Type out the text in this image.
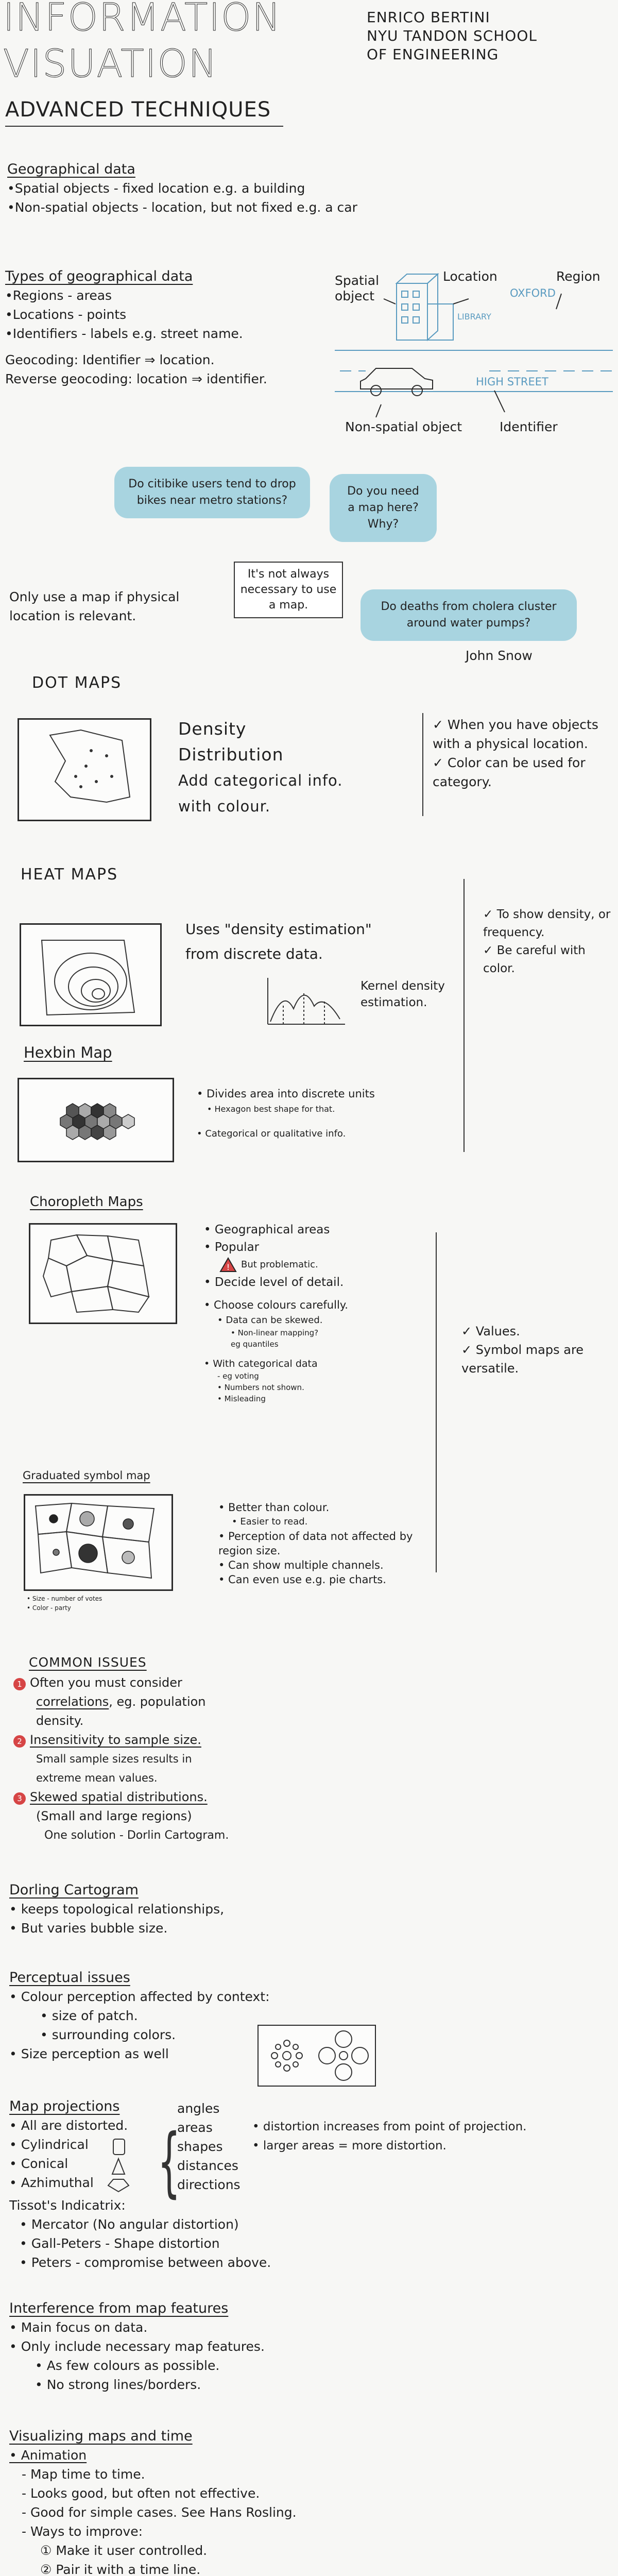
INFORMATION
VISUATION
ADVANCED TECHNIQUES
ENRICO BERTINI
NYU TANDON SCHOOL
OF ENGINEERING
Geographical data
•Spatial objects - fixed location e.g. a building
•Non-spatial objects - location, but not fixed e.g. a car
Types of geographical data
•Regions - areas
•Locations - points
•Identifiers - labels e.g. street name.
Geocoding: Identifier ⇒ location.
Reverse geocoding: location ⇒ identifier.
Spatial object
Location	Region
OXFORD
LIBRARY
HIGH STREET
Non-spatial object	Identifier
Do citibike users tend to drop bikes near metro stations?
Do you need a map here? Why?
It's not always necessary to use a map.	Do deaths from cholera cluster around water pumps?
John Snow
Only use a map if physical location is relevant.
DOT MAPS
Density
Distribution
Add categorical info.
with colour.
✓ When you have objects with a physical location.
✓ Color can be used for category.
HEAT MAPS
Uses "density estimation"
from discrete data.
Kernel density estimation.
✓ To show density, or frequency.
✓ Be careful with color.
Hexbin Map
• Divides area into discrete units
• Hexagon best shape for that.
• Categorical or qualitative info.
Choropleth Maps
• Geographical areas
• Popular
! But problematic.
• Decide level of detail.
• Choose colours carefully.
• Data can be skewed.
• Non-linear mapping?
eg quantiles
• With categorical data
- eg voting
• Numbers not shown.
• Misleading
✓ Values.
✓ Symbol maps are versatile.
Graduated symbol map
• Size - number of votes
• Color - party
• Better than colour.
• Easier to read.
• Perception of data not affected by region size.
• Can show multiple channels.
• Can even use e.g. pie charts.
COMMON ISSUES
1 Often you must consider
correlations, eg. population
density.
2 Insensitivity to sample size.
Small sample sizes results in
extreme mean values.
3 Skewed spatial distributions.
(Small and large regions)
One solution - Dorlin Cartogram.
Dorling Cartogram
• keeps topological relationships,
• But varies bubble size.
Perceptual issues
• Colour perception affected by context:
• size of patch.
• surrounding colors.
• Size perception as well
Map projections
• All are distorted.
• Cylindrical
• Conical
• Azhimuthal	{
angles
areas
shapes
distances
directions
• distortion increases from point of projection.
• larger areas = more distortion.
Tissot's Indicatrix:
• Mercator (No angular distortion)
• Gall-Peters - Shape distortion
• Peters - compromise between above.
Interference from map features
• Main focus on data.
• Only include necessary map features.
• As few colours as possible.
• No strong lines/borders.
Visualizing maps and time
• Animation
- Map time to time.
- Looks good, but often not effective.
- Good for simple cases. See Hans Rosling.
- Ways to improve:
① Make it user controlled.
② Pair it with a time line.
